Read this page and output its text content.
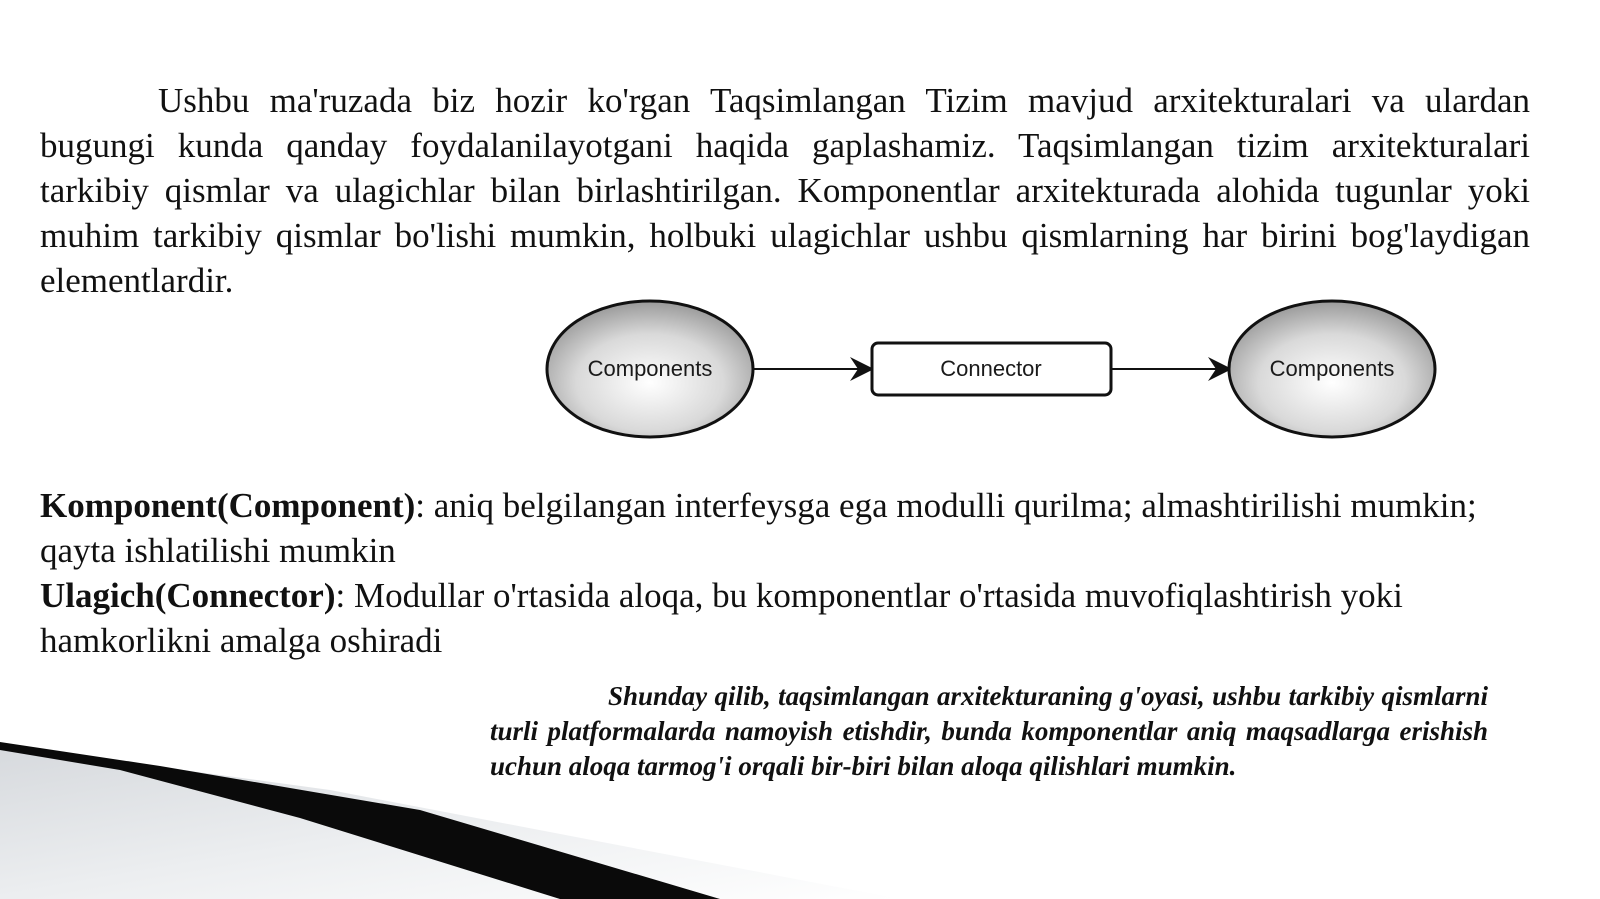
Ushbu ma'ruzada biz hozir ko'rgan Taqsimlangan Tizim mavjud arxitekturalari va ulardan bugungi kunda qanday foydalanilayotgani haqida gaplashamiz. Taqsimlangan tizim arxitekturalari tarkibiy qismlar va ulagichlar bilan birlashtirilgan. Komponentlar arxitekturada alohida tugunlar yoki muhim tarkibiy qismlar bo'lishi mumkin, holbuki ulagichlar ushbu qismlarning har birini bog'laydigan elementlardir.

Components	Connector	Components

Komponent(Component): aniq belgilangan interfeysga ega modulli qurilma; almashtirilishi mumkin; qayta ishlatilishi mumkin

Ulagich(Connector): Modullar o'rtasida aloqa, bu komponentlar o'rtasida muvofiqlashtirish yoki hamkorlikni amalga oshiradi

Shunday qilib, taqsimlangan arxitekturaning g'oyasi, ushbu tarkibiy qismlarni turli platformalarda namoyish etishdir, bunda komponentlar aniq maqsadlarga erishish uchun aloqa tarmog'i orqali bir-biri bilan aloqa qilishlari mumkin.
